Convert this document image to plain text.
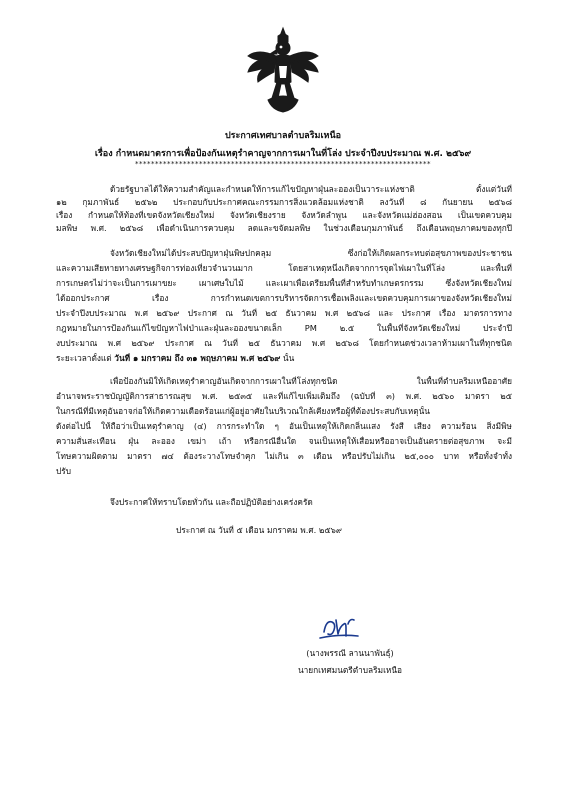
ประกาศเทศบาลตำบลริมเหนือ
เรื่อง กำหนดมาตรการเพื่อป้องกันเหตุรำคาญจากการเผาในที่โล่ง ประจำปีงบประมาณ พ.ศ. ๒๕๖๙
**************************************************************************
ด้วยรัฐบาลได้ให้ความสำคัญและกำหนดให้การแก้ไขปัญหาฝุ่นละอองเป็นวาระแห่งชาติ ตั้งแต่วันที่
๑๒ กุมภาพันธ์ ๒๕๖๒ ประกอบกับประกาศคณะกรรมการสิ่งแวดล้อมแห่งชาติ ลงวันที่ ๘ กันยายน ๒๕๖๘
เรื่อง กำหนดให้ท้องที่เขตจังหวัดเชียงใหม่ จังหวัดเชียงราย จังหวัดลำพูน และจังหวัดแม่ฮ่องสอน เป็นเขตควบคุม
มลพิษ พ.ศ. ๒๕๖๘ เพื่อดำเนินการควบคุม ลดและขจัดมลพิษ ในช่วงเดือนกุมภาพันธ์ ถึงเดือนพฤษภาคมของทุกปี
จังหวัดเชียงใหม่ได้ประสบปัญหาฝุ่นพิษปกคลุม ซึ่งก่อให้เกิดผลกระทบต่อสุขภาพของประชาชน
และความเสียหายทางเศรษฐกิจการท่องเที่ยวจำนวนมาก โดยสาเหตุหนึ่งเกิดจากการจุดไฟเผาในที่โล่ง และพื้นที่
การเกษตรไม่ว่าจะเป็นการเผาขยะ เผาเศษใบไม้ และเผาเพื่อเตรียมพื้นที่สำหรับทำเกษตรกรรม ซึ่งจังหวัดเชียงใหม่
ได้ออกประกาศ เรื่อง การกำหนดเขตการบริหารจัดการเชื้อเพลิงและเขตควบคุมการเผาของจังหวัดเชียงใหม่
ประจำปีงบประมาณ พ.ศ ๒๕๖๙ ประกาศ ณ วันที่ ๒๕ ธันวาคม พ.ศ ๒๕๖๘ และ ประกาศ เรื่อง มาตรการทาง
กฎหมายในการป้องกันแก้ไขปัญหาไฟป่าและฝุ่นละอองขนาดเล็ก PM ๒.๕ ในพื้นที่จังหวัดเชียงใหม่ ประจำปี
งบประมาณ พ.ศ ๒๕๖๙ ประกาศ ณ วันที่ ๒๕ ธันวาคม พ.ศ ๒๕๖๘ โดยกำหนดช่วงเวลาห้ามเผาในที่ทุกชนิด
ระยะเวลาตั้งแต่ วันที่ ๑ มกราคม ถึง ๓๑ พฤษภาคม พ.ศ ๒๕๖๙ นั้น
เพื่อป้องกันมิให้เกิดเหตุรำคาญอันเกิดจากการเผาในที่โล่งทุกชนิด ในพื้นที่ตำบลริมเหนืออาศัย
อำนาจพระราชบัญญัติการสาธารณสุข พ.ศ. ๒๕๓๕ และที่แก้ไขเพิ่มเติมถึง (ฉบับที่ ๓) พ.ศ. ๒๕๖๐ มาตรา ๒๕
ในกรณีที่มีเหตุอันอาจก่อให้เกิดความเดือดร้อนแก่ผู้อยู่อาศัยในบริเวณใกล้เคียงหรือผู้ที่ต้องประสบกับเหตุนั้น
ดังต่อไปนี้ ให้ถือว่าเป็นเหตุรำคาญ (๔) การกระทำใด ๆ อันเป็นเหตุให้เกิดกลิ่นแสง รังสี เสียง ความร้อน สิ่งมีพิษ
ความสั่นสะเทือน ฝุ่น ละออง เขม่า เถ้า หรือกรณีอื่นใด จนเป็นเหตุให้เสื่อมหรืออาจเป็นอันตรายต่อสุขภาพ จะมี
โทษความผิดตาม มาตรา ๗๔ ต้องระวางโทษจำคุก ไม่เกิน ๓ เดือน หรือปรับไม่เกิน ๒๕,๐๐๐ บาท หรือทั้งจำทั้ง
ปรับ
จึงประกาศให้ทราบโดยทั่วกัน และถือปฏิบัติอย่างเคร่งครัด
ประกาศ ณ วันที่ ๕ เดือน มกราคม พ.ศ. ๒๕๖๙
(นางพรรณี ลานนาพันธุ์)
นายกเทศมนตรีตำบลริมเหนือ
